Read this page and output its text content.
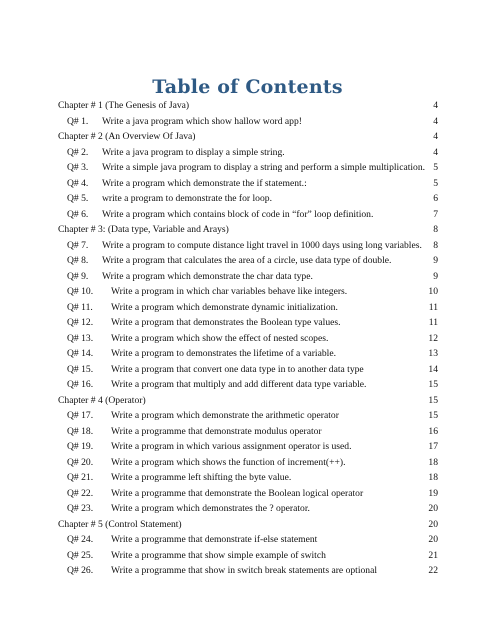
Table of Contents
Chapter # 1 (The Genesis of Java)	4
Q# 1. Write a java program which show hallow word app!	4
Chapter # 2 (An Overview Of Java)	4
Q# 2. Write a java program to display a simple string.	4
Q# 3. Write a simple java program to display a string and perform a simple multiplication. 5
Q# 4. Write a program which demonstrate the if statement.:	5
Q# 5. write a program to demonstrate the for loop.	6
Q# 6. Write a program which contains block of code in “for” loop definition.	7
Chapter # 3: (Data type, Variable and Arays)	8
Q# 7. Write a program to compute distance light travel in 1000 days using long variables. 8
Q# 8. Write a program that calculates the area of a circle, use data type of double.	9
Q# 9. Write a program which demonstrate the char data type.	9
Q# 10. Write a program in which char variables behave like integers.	10
Q# 11. Write a program which demonstrate dynamic initialization.	11
Q# 12. Write a program that demonstrates the Boolean type values.	11
Q# 13. Write a program which show the effect of nested scopes.	12
Q# 14. Write a program to demonstrates the lifetime of a variable.	13
Q# 15. Write a program that convert one data type in to another data type	14
Q# 16. Write a program that multiply and add different data type variable.	15
Chapter # 4 (Operator)	15
Q# 17. Write a program which demonstrate the arithmetic operator	15
Q# 18. Write a programme that demonstrate modulus operator	16
Q# 19. Write a program in which various assignment operator is used.	17
Q# 20. Write a program which shows the function of increment(++).	18
Q# 21. Write a programme left shifting the byte value.	18
Q# 22. Write a programme that demonstrate the Boolean logical operator	19
Q# 23. Write a program which demonstrates the ? operator.	20
Chapter # 5 (Control Statement)	20
Q# 24. Write a programme that demonstrate if-else statement	20
Q# 25. Write a programme that show simple example of switch	21
Q# 26. Write a programme that show in switch break statements are optional	22
